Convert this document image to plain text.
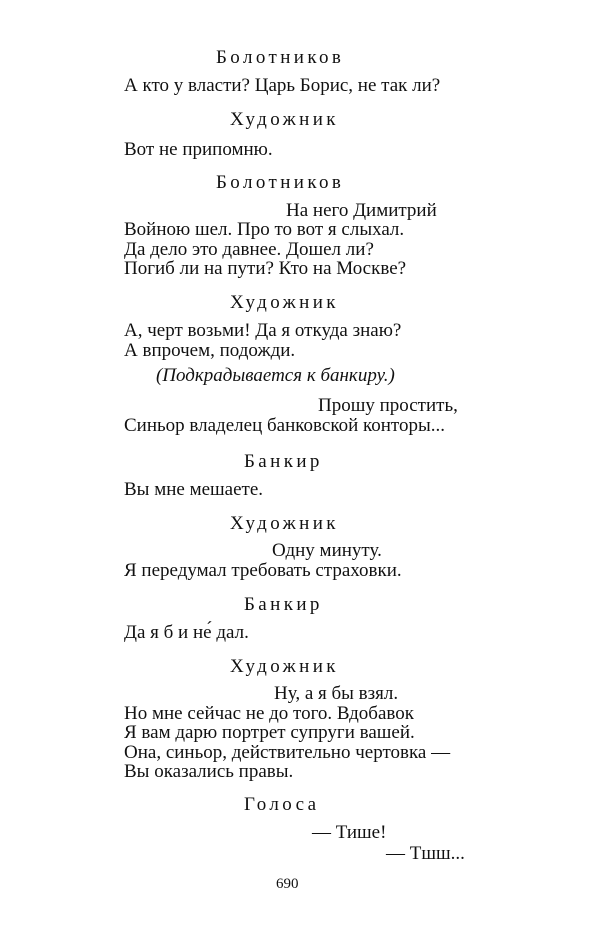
Болотников
А кто у власти? Царь Борис, не так ли?
Художник
Вот не припомню.
Болотников
На него Димитрий
Войною шел. Про то вот я слыхал.
Да дело это давнее. Дошел ли?
Погиб ли на пути? Кто на Москве?
Художник
А, черт возьми! Да я откуда знаю?
А впрочем, подожди.
(Подкрадывается к банкиру.)
Прошу простить,
Синьор владелец банковской конторы...
Банкир
Вы мне мешаете.
Художник
Одну минуту.
Я передумал требовать страховки.
Банкир
Да я б и не́ дал.
Художник
Ну, а я бы взял.
Но мне сейчас не до того. Вдобавок
Я вам дарю портрет супруги вашей.
Она, синьор, действительно чертовка —
Вы оказались правы.
Голоса
— Тише!
— Тшш...
690
